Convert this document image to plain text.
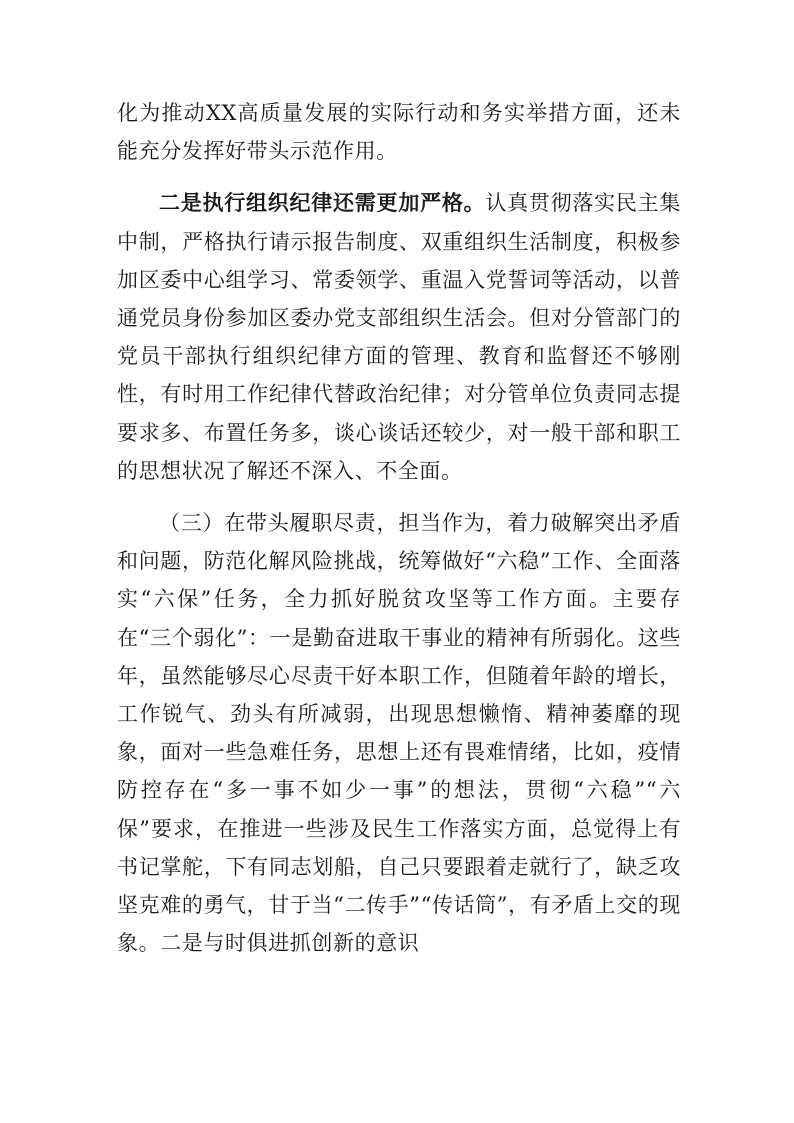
化为推动XX高质量发展的实际行动和务实举措方面，还未能充分发挥好带头示范作用。

二是执行组织纪律还需更加严格。认真贯彻落实民主集中制，严格执行请示报告制度、双重组织生活制度，积极参加区委中心组学习、常委领学、重温入党誓词等活动，以普通党员身份参加区委办党支部组织生活会。但对分管部门的党员干部执行组织纪律方面的管理、教育和监督还不够刚性，有时用工作纪律代替政治纪律；对分管单位负责同志提要求多、布置任务多，谈心谈话还较少，对一般干部和职工的思想状况了解还不深入、不全面。

（三）在带头履职尽责，担当作为，着力破解突出矛盾和问题，防范化解风险挑战，统筹做好“六稳”工作、全面落实“六保”任务，全力抓好脱贫攻坚等工作方面。主要存在“三个弱化”：一是勤奋进取干事业的精神有所弱化。这些年，虽然能够尽心尽责干好本职工作，但随着年龄的增长，工作锐气、劲头有所减弱，出现思想懒惰、精神萎靡的现象，面对一些急难任务，思想上还有畏难情绪，比如，疫情防控存在“多一事不如少一事”的想法，贯彻“六稳”“六保”要求，在推进一些涉及民生工作落实方面，总觉得上有书记掌舵，下有同志划船，自己只要跟着走就行了，缺乏攻坚克难的勇气，甘于当“二传手”“传话筒”，有矛盾上交的现象。二是与时俱进抓创新的意识
